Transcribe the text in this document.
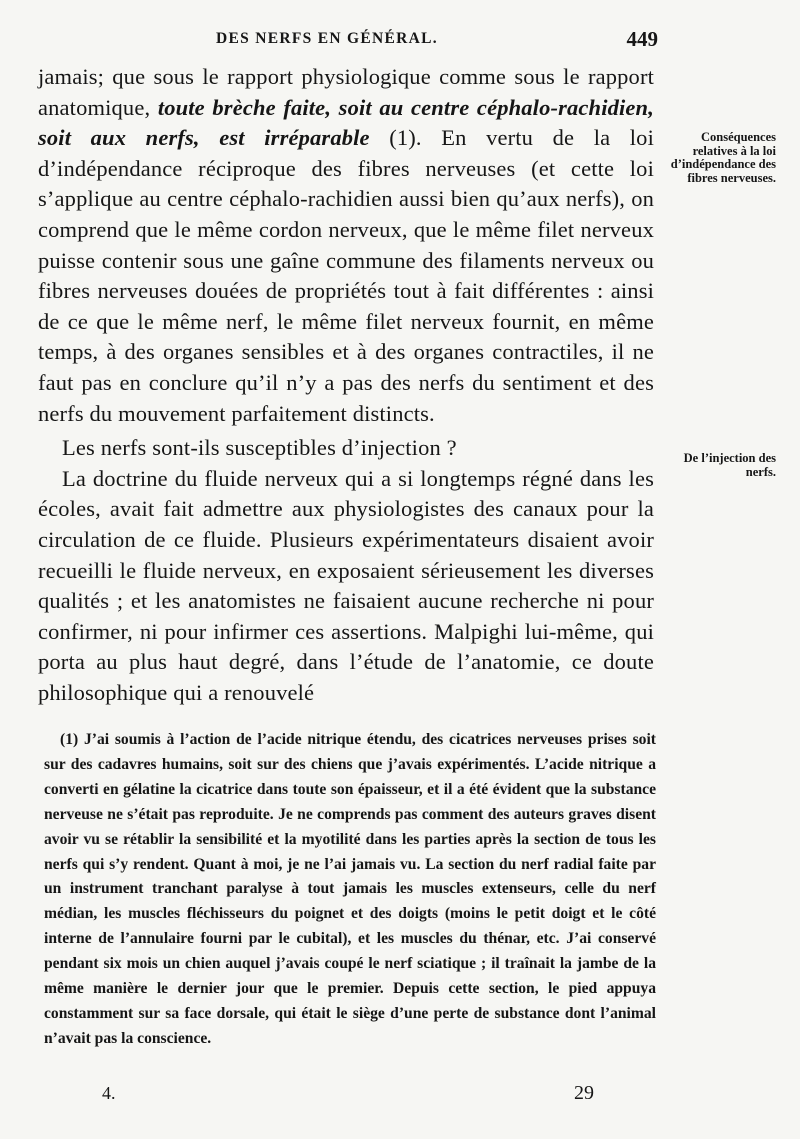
DES NERFS EN GÉNÉRAL.	449

jamais; que sous le rapport physiologique comme sous le rapport anatomique, toute brèche faite, soit au centre céphalo-rachidien, soit aux nerfs, est irréparable (1). En vertu de la loi d’indépendance réciproque des fibres nerveuses (et cette loi s’applique au centre céphalo-rachidien aussi bien qu’aux nerfs), on comprend que le même cordon nerveux, que le même filet nerveux puisse contenir sous une gaîne commune des filaments nerveux ou fibres nerveuses douées de propriétés tout à fait différentes : ainsi de ce que le même nerf, le même filet nerveux fournit, en même temps, à des organes sensibles et à des organes contractiles, il ne faut pas en conclure qu’il n’y a pas des nerfs du sentiment et des nerfs du mouvement parfaitement distincts.

Les nerfs sont-ils susceptibles d’injection ?

La doctrine du fluide nerveux qui a si longtemps régné dans les écoles, avait fait admettre aux physiologistes des canaux pour la circulation de ce fluide. Plusieurs expérimentateurs disaient avoir recueilli le fluide nerveux, en exposaient sérieusement les diverses qualités ; et les anatomistes ne faisaient aucune recherche ni pour confirmer, ni pour infirmer ces assertions. Malpighi lui-même, qui porta au plus haut degré, dans l’étude de l’anatomie, ce doute philosophique qui a renouvelé

Conséquences relatives à la loi d’indépendance des fibres nerveuses.
De l’injection des nerfs.

(1) J’ai soumis à l’action de l’acide nitrique étendu, des cicatrices nerveuses prises soit sur des cadavres humains, soit sur des chiens que j’avais expérimentés. L’acide nitrique a converti en gélatine la cicatrice dans toute son épaisseur, et il a été évident que la substance nerveuse ne s’était pas reproduite. Je ne comprends pas comment des auteurs graves disent avoir vu se rétablir la sensibilité et la myotilité dans les parties après la section de tous les nerfs qui s’y rendent. Quant à moi, je ne l’ai jamais vu. La section du nerf radial faite par un instrument tranchant paralyse à tout jamais les muscles extenseurs, celle du nerf médian, les muscles fléchisseurs du poignet et des doigts (moins le petit doigt et le côté interne de l’annulaire fourni par le cubital), et les muscles du thénar, etc. J’ai conservé pendant six mois un chien auquel j’avais coupé le nerf sciatique ; il traînait la jambe de la même manière le dernier jour que le premier. Depuis cette section, le pied appuya constamment sur sa face dorsale, qui était le siège d’une perte de substance dont l’animal n’avait pas la conscience.

4.	29
